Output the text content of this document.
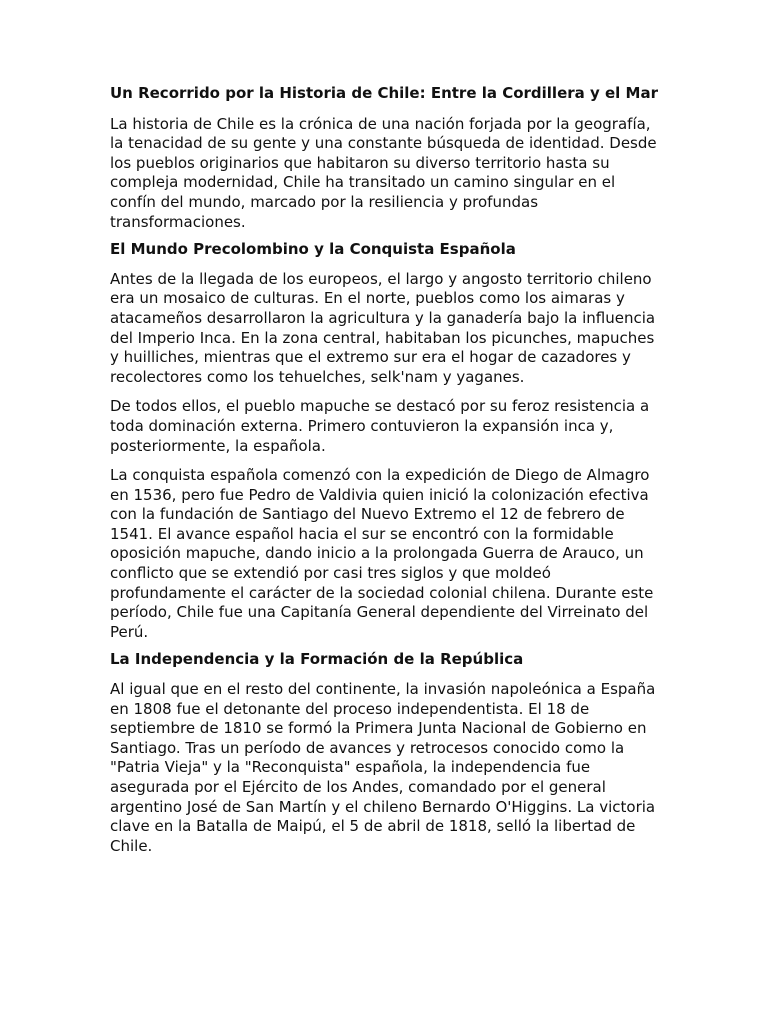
Un Recorrido por la Historia de Chile: Entre la Cordillera y el Mar

La historia de Chile es la crónica de una nación forjada por la geografía, la tenacidad de su gente y una constante búsqueda de identidad. Desde los pueblos originarios que habitaron su diverso territorio hasta su compleja modernidad, Chile ha transitado un camino singular en el confín del mundo, marcado por la resiliencia y profundas transformaciones.

El Mundo Precolombino y la Conquista Española

Antes de la llegada de los europeos, el largo y angosto territorio chileno era un mosaico de culturas. En el norte, pueblos como los aimaras y atacameños desarrollaron la agricultura y la ganadería bajo la influencia del Imperio Inca. En la zona central, habitaban los picunches, mapuches y huilliches, mientras que el extremo sur era el hogar de cazadores y recolectores como los tehuelches, selk'nam y yaganes.

De todos ellos, el pueblo mapuche se destacó por su feroz resistencia a toda dominación externa. Primero contuvieron la expansión inca y, posteriormente, la española.

La conquista española comenzó con la expedición de Diego de Almagro en 1536, pero fue Pedro de Valdivia quien inició la colonización efectiva con la fundación de Santiago del Nuevo Extremo el 12 de febrero de 1541. El avance español hacia el sur se encontró con la formidable oposición mapuche, dando inicio a la prolongada Guerra de Arauco, un conflicto que se extendió por casi tres siglos y que moldeó profundamente el carácter de la sociedad colonial chilena. Durante este período, Chile fue una Capitanía General dependiente del Virreinato del Perú.

La Independencia y la Formación de la República

Al igual que en el resto del continente, la invasión napoleónica a España en 1808 fue el detonante del proceso independentista. El 18 de septiembre de 1810 se formó la Primera Junta Nacional de Gobierno en Santiago. Tras un período de avances y retrocesos conocido como la "Patria Vieja" y la "Reconquista" española, la independencia fue asegurada por el Ejército de los Andes, comandado por el general argentino José de San Martín y el chileno Bernardo O'Higgins. La victoria clave en la Batalla de Maipú, el 5 de abril de 1818, selló la libertad de Chile.
